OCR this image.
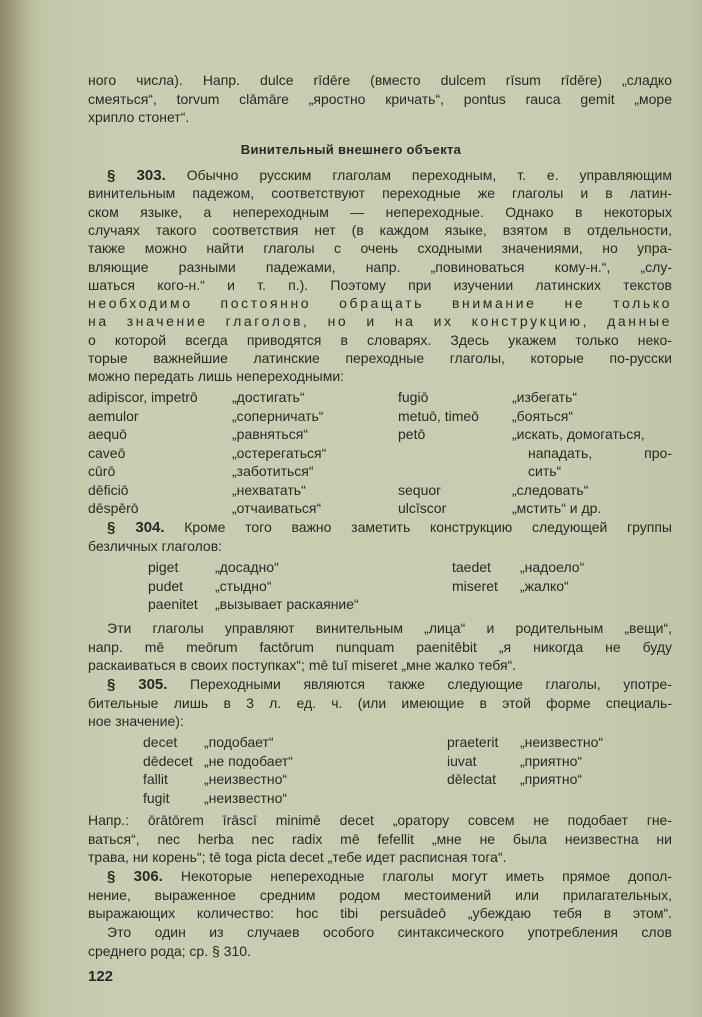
Винительный внешнего объекта
ного числа). Напр. dulce rīdēre (вместо dulcem rīsum rīdēre) „сладко
смеяться“, torvum clāmāre „яростно кричать“, pontus rauca gemit „море
хрипло стонет“.
§ 303. Обычно русским глаголам переходным, т. е. управляющим
винительным падежом, соответствуют переходные же глаголы и в латин-
ском языке, а непереходным — непереходные. Однако в некоторых
случаях такого соответствия нет (в каждом языке, взятом в отдельности,
также можно найти глаголы с очень сходными значениями, но упра-
вляющие разными падежами, напр. „повиноваться кому-н.“, „слу-
шаться кого-н.“ и т. п.). Поэтому при изучении латинских текстов
необходимо постоянно обращать внимание не только
на значение глаголов, но и на их конструкцию, данные
о которой всегда приводятся в словарях. Здесь укажем только неко-
торые важнейшие латинские переходные глаголы, которые по-русски
можно передать лишь непереходными:
§ 304. Кроме того важно заметить конструкцию следующей группы
безличных глаголов:
Эти глаголы управляют винительным „лица“ и родительным „вещи“,
напр. mē meōrum factōrum nunquam paenitēbit „я никогда не буду
раскаиваться в своих поступках“; mē tuī miseret „мне жалко тебя“.
§ 305. Переходными являются также следующие глаголы, употре-
бительные лишь в 3 л. ед. ч. (или имеющие в этой форме специаль-
ное значение):
Напр.: ōrātōrem īrāscī minimē decet „оратору совсем не подобает гне-
ваться“, nec herba nec radix mē fefellit „мне не была неизвестна ни
трава, ни корень“; tē toga picta decet „тебе идет расписная тога“.
§ 306. Некоторые непереходные глаголы могут иметь прямое допол-
нение, выраженное средним родом местоимений или прилагательных,
выражающих количество: hoc tibi persuādeō „убеждаю тебя в этом“.
Это один из случаев особого синтаксического употребления слов
среднего рода; ср. § 310.
adipiscor, impetrō „достигать“	fugiō	„избегать“
aemulor	„соперничать“	metuō, timeō „бояться“
aequō	„равняться“	petō	„искать, домогаться,
caveō	„остерегаться“	нападать, про-
cūrō	„заботиться“	сить“
dēficiō	„нехватать“	sequor	„следовать“
dēspērō	„отчаиваться“	ulcīscor	„мстить“ и др.
piget	„досадно“	taedet „надоело“
pudet „стыдно“	miseret „жалко“
paenitet „вызывает раскаяние“
decet „подобает“	praeterit „неизвестно“
dēdecet „не подобает“	iuvat	„приятно“
fallit	„неизвестно“	dēlectat „приятно“
fugit „неизвестно“
122
